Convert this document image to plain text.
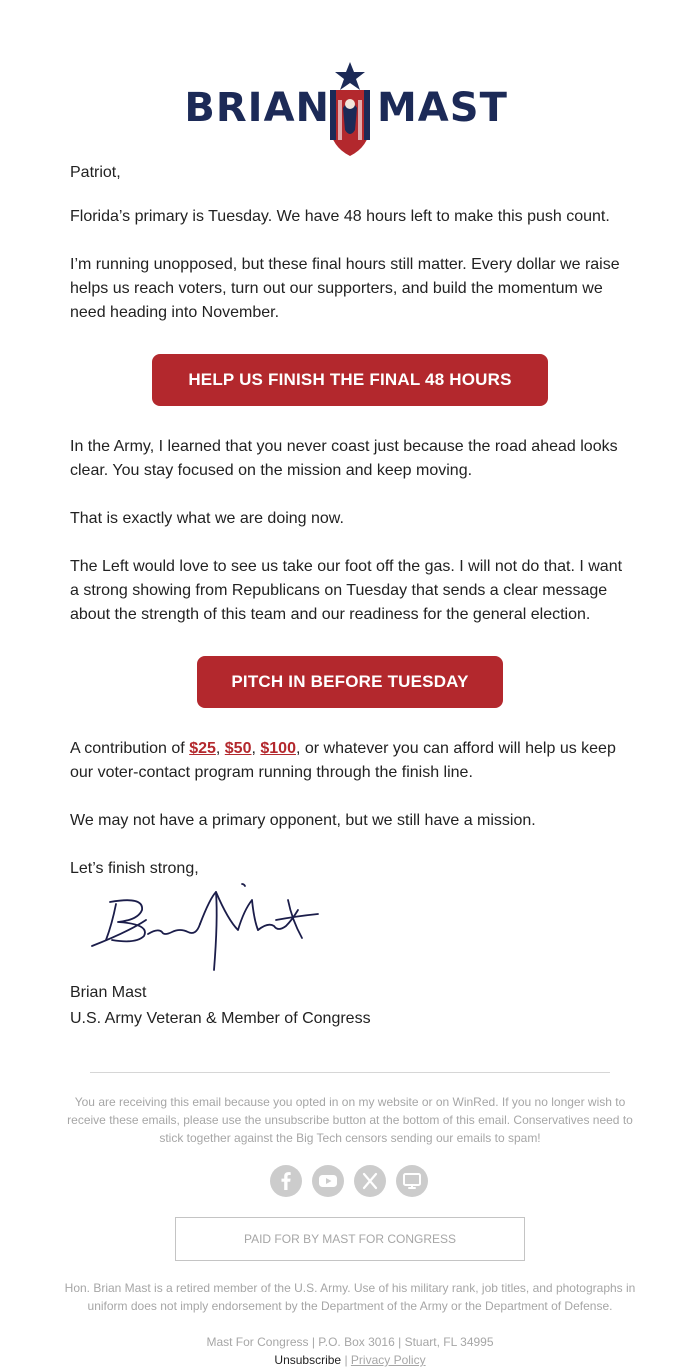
BRIAN MAST

Patriot,

Florida’s primary is Tuesday. We have 48 hours left to make this push count.

I’m running unopposed, but these final hours still matter. Every dollar we raise helps us reach voters, turn out our supporters, and build the momentum we need heading into November.

HELP US FINISH THE FINAL 48 HOURS

In the Army, I learned that you never coast just because the road ahead looks clear. You stay focused on the mission and keep moving.

That is exactly what we are doing now.

The Left would love to see us take our foot off the gas. I will not do that. I want a strong showing from Republicans on Tuesday that sends a clear message about the strength of this team and our readiness for the general election.

PITCH IN BEFORE TUESDAY

A contribution of $25, $50, $100, or whatever you can afford will help us keep our voter-contact program running through the finish line.

We may not have a primary opponent, but we still have a mission.

Let’s finish strong,

Brian Mast
U.S. Army Veteran & Member of Congress

You are receiving this email because you opted in on my website or on WinRed. If you no longer wish to receive these emails, please use the unsubscribe button at the bottom of this email. Conservatives need to stick together against the Big Tech censors sending our emails to spam!

PAID FOR BY MAST FOR CONGRESS

Hon. Brian Mast is a retired member of the U.S. Army. Use of his military rank, job titles, and photographs in uniform does not imply endorsement by the Department of the Army or the Department of Defense.

Mast For Congress | P.O. Box 3016 | Stuart, FL 34995
Unsubscribe | Privacy Policy
